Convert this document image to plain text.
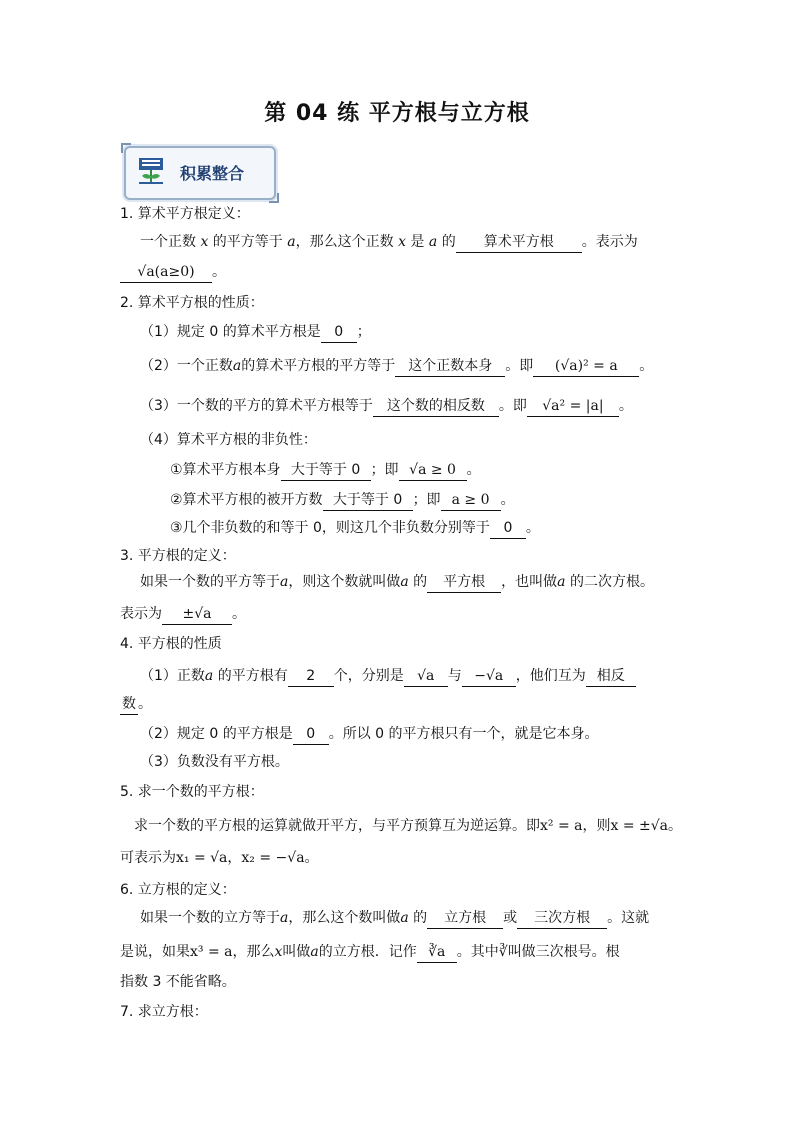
第 04 练 平方根与立方根
积累整合
1. 算术平方根定义：
一个正数 x 的平方等于 a，那么这个正数 x 是 a 的 算术平方根 。表示为
√a(a≥0) 。
2. 算术平方根的性质：
（1）规定 0 的算术平方根是 0 ；
（2）一个正数a的算术平方根的平方等于 这个正数本身 。即 (√a)² = a 。
（3）一个数的平方的算术平方根等于 这个数的相反数 。即 √a² = |a| 。
（4）算术平方根的非负性：
①算术平方根本身 大于等于 0 ；即 √a ≥ 0 。
②算术平方根的被开方数 大于等于 0 ；即 a ≥ 0 。
③几个非负数的和等于 0，则这几个非负数分别等于 0 。
3. 平方根的定义：
如果一个数的平方等于a，则这个数就叫做a 的 平方根 ，也叫做a 的二次方根。
表示为 ±√a 。
4. 平方根的性质
（1）正数a 的平方根有 2 个，分别是 √a 与 −√a ，他们互为 相反
数 。
（2）规定 0 的平方根是 0 。所以 0 的平方根只有一个，就是它本身。
（3）负数没有平方根。
5. 求一个数的平方根：
求一个数的平方根的运算就做开平方，与平方预算互为逆运算。即x² = a，则x = ±√a。
可表示为x₁ = √a，x₂ = −√a。
6. 立方根的定义：
如果一个数的立方等于a，那么这个数叫做a 的 立方根 或 三次方根 。这就
是说，如果x³ = a，那么x叫做a的立方根．记作 ∛a 。其中∛叫做三次根号。根
指数 3 不能省略。
7. 求立方根：
